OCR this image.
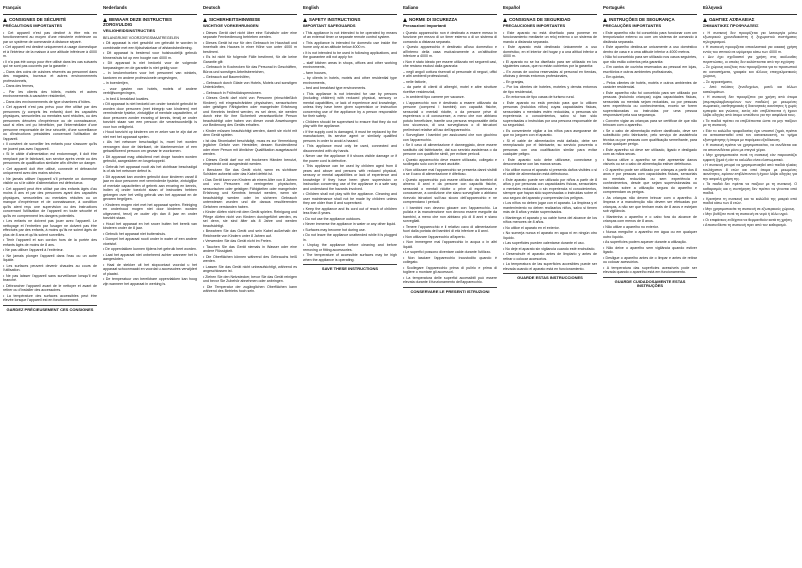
Français
CONSIGNES DE SÉCURITÉ
PRÉCAUTIONS IMPORTANTES

• Cet appareil n'est pas destiné à être mis en fonctionnement au moyen d'une minuterie extérieure ou par un système de commande à distance séparé.

• Cet appareil est destiné uniquement à usage domestique et à l'intérieur de la maison à une altitude inférieure à 4000 m.

• Il n'a pas été conçu pour être utilisé dans les cas suivants qui ne sont pas couverts par la garantie :

– Dans des coins de cuisines réservés au personnel dans des magasins, bureaux et autres environnements professionnels,

– Dans des fermes,

– Par les clients des hôtels, motels et autres environnements à caractère résidentiel,

– Dans des environnements de type chambres d'hôtes.

• Cet appareil n'est pas prévu pour être utilisé par des personnes (y compris les enfants) dont les capacités physiques, sensorielles ou mentales sont réduites, ou des personnes dénuées d'expérience ou de connaissance, sauf si elles ont pu bénéficier, par l'intermédiaire d'une personne responsable de leur sécurité, d'une surveillance ou d'instructions préalables concernant l'utilisation de l'appareil.

• Il convient de surveiller les enfants pour s'assurer qu'ils ne jouent pas avec l'appareil.

• Si le câble d'alimentation est endommagé, il doit être remplacé par le fabricant, son service après vente ou des personnes de qualification similaire afin d'éviter un danger.

• Cet appareil doit être utilisé, connecté et débranché uniquement avec des mains sèches.

• Ne jamais utiliser l'appareil s'il présente un dommage visible ou si le câble d'alimentation est défectueux.

• Cet appareil peut être utilisé par des enfants âgés d'au moins 8 ans et par des personnes ayant des capacités physiques, sensorielles ou mentales réduites ou un manque d'expérience et de connaissance, à condition qu'ils aient reçu une supervision ou des instructions concernant l'utilisation de l'appareil en toute sécurité et qu'ils en comprennent les dangers potentiels.

• Les enfants ne doivent pas jouer avec l'appareil. Le nettoyage et l'entretien par l'usager ne doivent pas être effectués par des enfants, à moins qu'ils ne soient âgés de plus de 8 ans et qu'ils soient surveillés.

• Tenir l'appareil et son cordon hors de la portée des enfants âgés de moins de 8 ans.

• Ne pas utiliser l'appareil à l'extérieur.

• Ne jamais plonger l'appareil dans l'eau ou un autre liquide.

• Les surfaces peuvent devenir chaudes au cours de l'utilisation.

• Ne pas laisser l'appareil sans surveillance lorsqu'il est branché.

• Débrancher l'appareil avant de le nettoyer et avant de retirer ou d'installer des accessoires.

• La température des surfaces accessibles peut être élevée lorsque l'appareil est en fonctionnement.

GARDEZ PRÉCIEUSEMENT CES CONSIGNES
Nederlands
BEWAAR DEZE INSTRUCTIES ZORGVULDIG
VEILIGHEIDSINSTRUCTIES

BELANGRIJKE VOORZORGSMAATREGELEN

• Dit apparaat is niet geschikt om gebruikt te worden in combinatie met een tijdschakelaar of afstandsbediening.

• Dit apparaat is bestemd voor huishoudelijk gebruik binnenshuis tot op een hoogte van 4000 m.

• Dit apparaat is niet bedoeld voor de volgende toepassingen en de garantie is niet geldig voor:

– in keukenhoeken voor het personeel van winkels, kantoren en andere professionele omgevingen,

– in boerderijen,

– voor gasten van hotels, motels of andere verblijfsomgevingen,

– in bed & breakfast locaties.

• Dit apparaat is niet bedoeld om onder toezicht gebruikt te worden door personen (met inbegrip van kinderen) met verminderde fysieke, zintuiglijke of mentale capaciteiten, of door personen zonder ervaring of kennis, tenzij ze onder toezicht staan van een persoon die verantwoordelijk is voor hun veiligheid.

• Houd toezicht op kinderen om er zeker van te zijn dat ze niet met het apparaat spelen.

• Als het netsnoer beschadigd is, moet het worden vervangen door de fabrikant, de klantenservice of een gekwalificeerd persoon om gevaar te voorkomen.

• Dit apparaat mag uitsluitend met droge handen worden gebruikt, aangesloten en losgekoppeld.

• Gebruik het apparaat nooit als het zichtbaar beschadigd is of als het netsnoer defect is.

• Dit apparaat kan worden gebruikt door kinderen vanaf 8 jaar en door personen met verminderde fysieke, zintuiglijke of mentale capaciteiten of gebrek aan ervaring en kennis, indien zij onder toezicht staan of instructies hebben gekregen over het veilig gebruik van het apparaat en de gevaren begrijpen.

• Kinderen mogen niet met het apparaat spelen. Reiniging en onderhoud mogen niet door kinderen worden uitgevoerd, tenzij ze ouder zijn dan 8 jaar en onder toezicht staan.

• Houd het apparaat en het snoer buiten het bereik van kinderen onder de 8 jaar.

• Gebruik het apparaat niet buitenshuis.

• Dompel het apparaat nooit onder in water of een andere vloeistof.

• De oppervlakken kunnen tijdens het gebruik heet worden.

• Laat het apparaat niet onbeheerd achter wanneer het is aangesloten.

• Haal de stekker uit het stopcontact voordat u het apparaat schoonmaakt en voordat u accessoires verwijdert of plaatst.

• De temperatuur van bereikbare oppervlakken kan hoog zijn wanneer het apparaat in werking is.

Deutsch
SICHERHEITSHINWEISE
WICHTIGE VORKEHRUNGEN

• Dieses Gerät darf nicht über eine Schaltuhr oder eine separate Fernbedienung betrieben werden.

• Dieses Gerät ist nur für den Gebrauch im Haushalt und innerhalb des Hauses in einer Höhe von unter 4000 m bestimmt.

• Es ist nicht für folgende Fälle bestimmt, für die keine Garantie gilt:

– Gebrauch in Kochecken für das Personal in Geschäften, Büros und sonstigen Arbeitsbereichen,

– Gebrauch auf Bauernhöfen,

– Gebrauch durch Gäste von Hotels, Motels und sonstigen Unterkünften,

– Gebrauch in Frühstückspensionen.

• Dieses Gerät darf nicht von Personen (einschließlich Kindern) mit eingeschränkten physischen, sensorischen oder geistigen Fähigkeiten oder mangelnder Erfahrung und Kenntnis bedient werden, es sei denn, sie werden durch eine für ihre Sicherheit verantwortliche Person beaufsichtigt oder haben von dieser vorab Anweisungen zur Bedienung des Geräts erhalten.

• Kinder müssen beaufsichtigt werden, damit sie nicht mit dem Gerät spielen.

• Ist das Stromkabel beschädigt, muss es zur Vermeidung jeglicher Gefahr vom Hersteller, dessen Kundendienst oder einer Person mit ähnlicher Qualifikation ausgetauscht werden.

• Dieses Gerät darf nur mit trockenen Händen benutzt, eingesteckt und ausgesteckt werden.

• Benutzen Sie das Gerät nicht, wenn es sichtbare Schäden aufweist oder das Kabel defekt ist.

• Das Gerät kann von Kindern ab einem Alter von 8 Jahren und von Personen mit verringerten physischen, sensorischen oder geistigen Fähigkeiten oder mangelnder Erfahrung und Kenntnis benutzt werden, wenn sie beaufsichtigt werden oder im sicheren Gebrauch unterwiesen wurden und die daraus resultierenden Gefahren verstanden haben.

• Kinder dürfen nicht mit dem Gerät spielen. Reinigung und Pflege dürfen nicht von Kindern durchgeführt werden, es sei denn, sie sind älter als 8 Jahre und werden beaufsichtigt.

• Bewahren Sie das Gerät und sein Kabel außerhalb der Reichweite von Kindern unter 8 Jahren auf.

• Verwenden Sie das Gerät nicht im Freien.

• Tauchen Sie das Gerät niemals in Wasser oder eine andere Flüssigkeit.

• Die Oberflächen können während des Gebrauchs heiß werden.

• Lassen Sie das Gerät nicht unbeaufsichtigt, während es angeschlossen ist.

• Ziehen Sie den Netzstecker, bevor Sie das Gerät reinigen und bevor Sie Zubehör abnehmen oder anbringen.

• Die Temperatur der zugänglichen Oberflächen kann während des Betriebs hoch sein.

English
SAFETY INSTRUCTIONS
IMPORTANT SAFEGUARDS

• This appliance is not intended to be operated by means of an external timer or separate remote control system.

• This appliance is intended for domestic use inside the home only at an altitude below 4000 m.

• It is not intended to be used in following applications, and the guarantee will not apply for:

– staff kitchen areas in shops, offices and other working environments,

– farm houses,

– by clients in hotels, motels and other residential type environments,

– bed and breakfast type environments.

• This appliance is not intended for use by persons (including children) with reduced physical, sensory or mental capabilities, or lack of experience and knowledge, unless they have been given supervision or instruction concerning use of the appliance by a person responsible for their safety.

• Children should be supervised to ensure that they do not play with the appliance.

• If the supply cord is damaged, it must be replaced by the manufacturer, its service agent or similarly qualified persons in order to avoid a hazard.

• This appliance must only be used, connected and disconnected with dry hands.

• Never use the appliance if it shows visible damage or if the power cord is defective.

• This appliance can be used by children aged from 8 years and above and persons with reduced physical, sensory or mental capabilities or lack of experience and knowledge if they have been given supervision or instruction concerning use of the appliance in a safe way and understand the hazards involved.

• Children shall not play with the appliance. Cleaning and user maintenance shall not be made by children unless they are older than 8 and supervised.

• Keep the appliance and its cord out of reach of children less than 8 years.

• Do not use the appliance outdoors.

• Never immerse the appliance in water or any other liquid.

• Surfaces may become hot during use.

• Do not leave the appliance unattended while it is plugged in.

• Unplug the appliance before cleaning and before removing or fitting accessories.

• The temperature of accessible surfaces may be high when the appliance is operating.

SAVE THESE INSTRUCTIONS
Italiano
NORME DI SICUREZZA
Precauzioni importanti

• Questo apparecchio non è destinato a essere messo in funzione per mezzo di un timer esterno o di un sistema di comando a distanza separato.

• Questo apparecchio è destinato all'uso domestico e all'interno della casa esclusivamente a un'altitudine inferiore a 4000 m.

• Non è stato ideato per essere utilizzato nei seguenti casi, che restano esclusi dalla garanzia:

– negli angoli cottura riservati al personale di negozi, uffici e altri ambienti professionali,

– nelle fattorie,

– da parte di clienti di alberghi, motel e altre strutture ricettive residenziali,

– in ambienti tipo camere per vacanze.

• L'apparecchio non è destinato a essere utilizzato da persone (compresi i bambini) con capacità fisiche, sensoriali o mentali ridotte, o da persone prive di esperienza o di conoscenze, a meno che non abbiano potuto beneficiare, tramite una persona responsabile della loro sicurezza, di una sorveglianza o di istruzioni preliminari relative all'uso dell'apparecchio.

• Sorvegliare i bambini per assicurarsi che non giochino con l'apparecchio.

• Se il cavo di alimentazione è danneggiato, deve essere sostituito dal fabbricante, dal suo servizio assistenza o da persone con qualifiche simili, per evitare pericoli.

• Questo apparecchio deve essere utilizzato, collegato e scollegato solo con le mani asciutte.

• Non utilizzare mai l'apparecchio se presenta danni visibili o se il cavo di alimentazione è difettoso.

• Questo apparecchio può essere utilizzato da bambini di almeno 8 anni e da persone con capacità fisiche, sensoriali o mentali ridotte o prive di esperienza e conoscenze, a condizione che siano sorvegliate o abbiano ricevuto istruzioni sull'uso sicuro dell'apparecchio e ne comprendano i pericoli.

• I bambini non devono giocare con l'apparecchio. La pulizia e la manutenzione non devono essere eseguite da bambini, a meno che non abbiano più di 8 anni e siano sorvegliati.

• Tenere l'apparecchio e il relativo cavo di alimentazione fuori dalla portata dei bambini di età inferiore a 8 anni.

• Non utilizzare l'apparecchio all'aperto.

• Non immergere mai l'apparecchio in acqua o in altri liquidi.

• Le superfici possono diventare calde durante l'utilizzo.

• Non lasciare l'apparecchio incustodito quando è collegato.

• Scollegare l'apparecchio prima di pulirlo e prima di togliere o montare gli accessori.

• La temperatura delle superfici accessibili può essere elevata durante il funzionamento dell'apparecchio.

CONSERVARE LE PRESENTI ISTRUZIONI
Español
CONSIGNAS DE SEGURIDAD
PRECAUCIONES IMPORTANTES

• Este aparato no está diseñado para ponerse en funcionamiento mediante un reloj externo o un sistema de mando a distancia separado.

• Este aparato está destinado únicamente a uso doméstico, en el interior del hogar y a una altitud inferior a 4000 m.

• El aparato no se ha diseñado para ser utilizado en los siguientes casos, que no están cubiertos por la garantía:

– En zonas de cocina reservadas al personal en tiendas, oficinas y demás entornos profesionales,

– En granjas,

– Por los clientes de hoteles, moteles y demás entornos de tipo residencial,

– En entornos de tipo casas de turismo rural.

• Este aparato no está previsto para que lo utilicen personas (incluidos niños) cuyas capacidades físicas, sensoriales o mentales estén reducidas, o personas sin experiencia o conocimientos, salvo si han sido supervisadas o instruidas por una persona responsable de su seguridad.

• Es conveniente vigilar a los niños para asegurarse de que no jueguen con el aparato.

• Si el cable de alimentación está dañado, debe ser reemplazado por el fabricante, su servicio posventa o personas con una cualificación similar para evitar cualquier peligro.

• Este aparato solo debe utilizarse, conectarse y desconectarse con las manos secas.

• No utilice nunca el aparato si presenta daños visibles o si el cable de alimentación está defectuoso.

• Este aparato puede ser utilizado por niños a partir de 8 años y por personas con capacidades físicas, sensoriales o mentales reducidas o sin experiencia ni conocimientos, siempre que hayan sido supervisadas o instruidas sobre el uso seguro del aparato y comprendan los peligros.

• Los niños no deben jugar con el aparato. La limpieza y el mantenimiento no deben realizarlos niños, salvo si tienen más de 8 años y están supervisados.

• Mantenga el aparato y su cable fuera del alcance de los niños menores de 8 años.

• No utilice el aparato en el exterior.

• No sumerja nunca el aparato en agua ni en ningún otro líquido.

• Las superficies pueden calentarse durante el uso.

• No deje el aparato sin vigilancia cuando esté enchufado.

• Desenchufe el aparato antes de limpiarlo y antes de retirar o colocar accesorios.

• La temperatura de las superficies accesibles puede ser elevada cuando el aparato está en funcionamiento.

GUARDE ESTAS INSTRUCCIONES
Português
INSTRUÇÕES DE SEGURANÇA
PRECAUÇÕES IMPORTANTES

• Este aparelho não foi concebido para funcionar com um temporizador externo ou com um sistema de comando à distância separado.

• Este aparelho destina-se unicamente a uso doméstico dentro de casa e a uma altitude inferior a 4000 metros.

• Não foi concebido para ser utilizado nos casos seguintes, que não estão cobertos pela garantia:

– Em cantos de cozinha reservados ao pessoal em lojas, escritórios e outros ambientes profissionais,

– Em quintas,

– Pelos clientes de hotéis, motéis e outros ambientes de carácter residencial.

• Este aparelho não foi concebido para ser utilizado por pessoas (incluindo crianças) cujas capacidades físicas, sensoriais ou mentais sejam reduzidas, ou por pessoas sem experiência ou conhecimentos, exceto se forem supervisionadas ou instruídas por uma pessoa responsável pela sua segurança.

• Convém vigiar as crianças para se certificar de que não brincam com o aparelho.

• Se o cabo de alimentação estiver danificado, deve ser substituído pelo fabricante, pelo serviço de assistência técnica ou por pessoas com qualificação semelhante, para evitar qualquer perigo.

• Este aparelho só deve ser utilizado, ligado e desligado com as mãos secas.

• Nunca utilize o aparelho se este apresentar danos visíveis ou se o cabo de alimentação estiver defeituoso.

• O aparelho pode ser utilizado por crianças a partir dos 8 anos e por pessoas com capacidades físicas, sensoriais ou mentais reduzidas ou sem experiência e conhecimentos, desde que sejam supervisionadas ou instruídas sobre a utilização segura do aparelho e compreendam os perigos.

• As crianças não devem brincar com o aparelho. A limpeza e a manutenção não devem ser efetuadas por crianças, a não ser que tenham mais de 8 anos e estejam sob vigilância.

• Mantenha o aparelho e o cabo fora do alcance de crianças com menos de 8 anos.

• Não utilize o aparelho no exterior.

• Nunca mergulhe o aparelho em água ou em qualquer outro líquido.

• As superfícies podem aquecer durante a utilização.

• Não deixe o aparelho sem vigilância quando estiver ligado.

• Desligue o aparelho antes de o limpar e antes de retirar ou colocar acessórios.

• A temperatura das superfícies acessíveis pode ser elevada quando o aparelho está em funcionamento.

GUARDE CUIDADOSAMENTE ESTAS INSTRUÇÕES
Ελληνικά
ΟΔΗΓΙΕΣ ΑΣΦΑΛΕΙΑΣ
ΣΗΜΑΝΤΙΚΕΣ ΠΡΟΦΥΛΑΞΕΙΣ

• Η συσκευή δεν προορίζεται για λειτουργία μέσω εξωτερικού χρονοδιακόπτη ή ξεχωριστού συστήματος τηλεχειρισμού.

• Η συσκευή προορίζεται αποκλειστικά για οικιακή χρήση εντός του σπιτιού σε υψόμετρο κάτω των 4000 m.

• Δεν έχει σχεδιαστεί για χρήση στις ακόλουθες περιπτώσεις, οι οποίες δεν καλύπτονται από την εγγύηση:

– Σε χώρους κουζίνας που προορίζονται για το προσωπικό σε καταστήματα, γραφεία και άλλους επαγγελματικούς χώρους,

– Σε αγροκτήματα,

– Από πελάτες ξενοδοχείων, μοτέλ και άλλων καταλυμάτων.

• Η συσκευή δεν προορίζεται για χρήση από άτομα (συμπεριλαμβανομένων των παιδιών) με μειωμένες σωματικές, αισθητηριακές ή διανοητικές ικανότητες ή χωρίς εμπειρία και γνώσεις, εκτός εάν επιβλέπονται ή έχουν λάβει οδηγίες από άτομο υπεύθυνο για την ασφάλειά τους.

• Τα παιδιά πρέπει να επιβλέπονται ώστε να μην παίζουν με τη συσκευή.

• Εάν το καλώδιο τροφοδοσίας έχει υποστεί ζημιά, πρέπει να αντικατασταθεί από τον κατασκευαστή, το τμήμα εξυπηρέτησης ή άτομα με παρόμοια εξειδίκευση.

• Η συσκευή πρέπει να χρησιμοποιείται, να συνδέεται και να αποσυνδέεται μόνο με στεγνά χέρια.

• Μην χρησιμοποιείτε ποτέ τη συσκευή εάν παρουσιάζει εμφανή ζημιά ή εάν το καλώδιο είναι ελαττωματικό.

• Η συσκευή μπορεί να χρησιμοποιηθεί από παιδιά ηλικίας τουλάχιστον 8 ετών και από άτομα με μειωμένες ικανότητες, εφόσον επιβλέπονται ή έχουν λάβει οδηγίες για την ασφαλή χρήση της.

• Τα παιδιά δεν πρέπει να παίζουν με τη συσκευή. Ο καθαρισμός και η συντήρηση δεν πρέπει να γίνονται από παιδιά.

• Κρατήστε τη συσκευή και το καλώδιό της μακριά από παιδιά κάτω των 8 ετών.

• Μην χρησιμοποιείτε τη συσκευή σε εξωτερικούς χώρους.

• Μην βυθίζετε ποτέ τη συσκευή σε νερό ή άλλο υγρό.

• Οι επιφάνειες ενδέχεται να θερμανθούν κατά τη χρήση.

• Αποσυνδέστε τη συσκευή πριν από τον καθαρισμό.
